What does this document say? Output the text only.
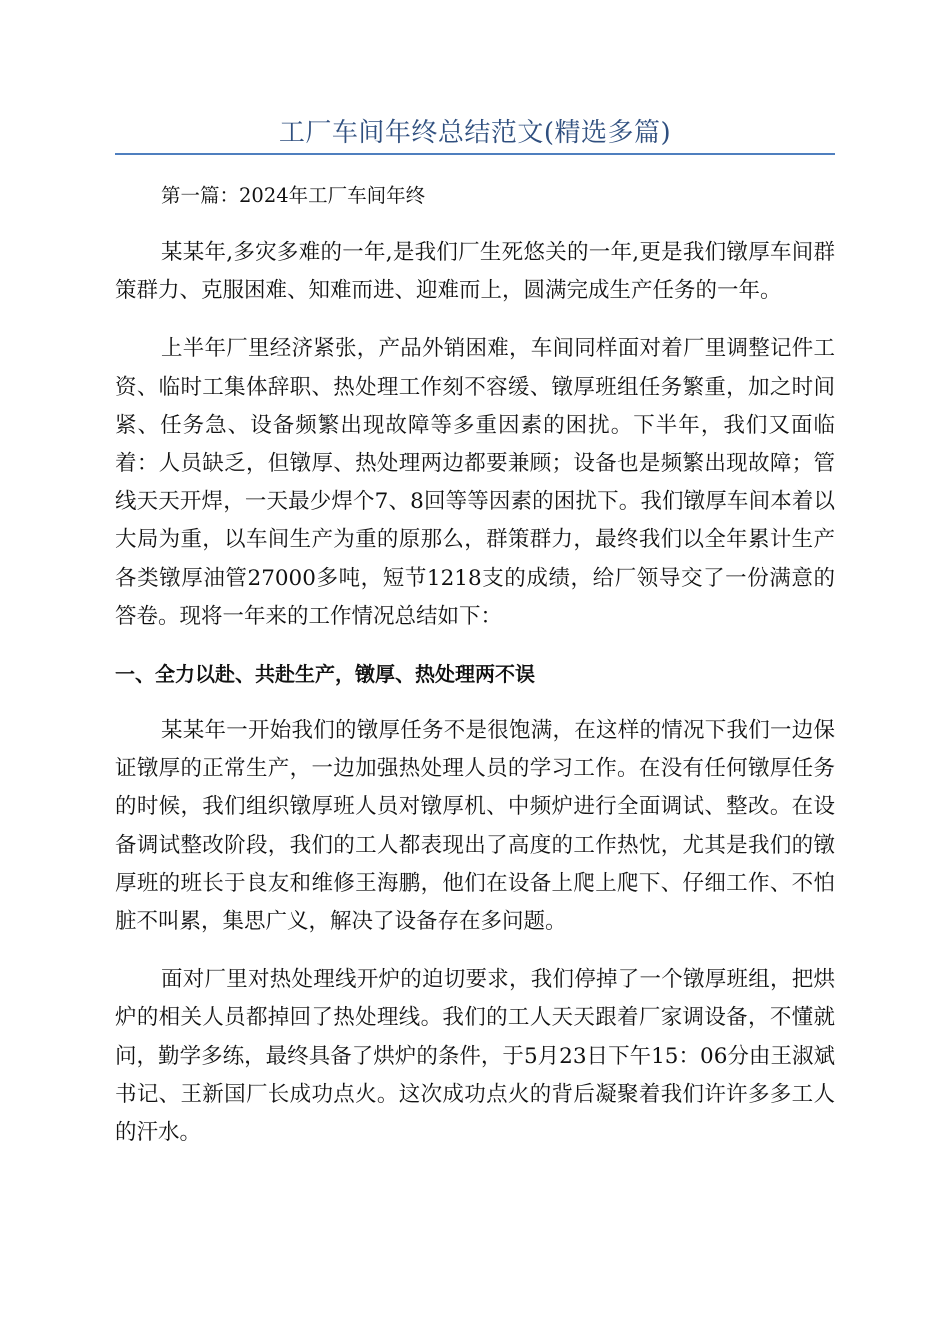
工厂车间年终总结范文(精选多篇)

第一篇：2024年工厂车间年终

某某年,多灾多难的一年,是我们厂生死悠关的一年,更是我们镦厚车间群策群力、克服困难、知难而进、迎难而上，圆满完成生产任务的一年。

上半年厂里经济紧张，产品外销困难，车间同样面对着厂里调整记件工资、临时工集体辞职、热处理工作刻不容缓、镦厚班组任务繁重，加之时间紧、任务急、设备频繁出现故障等多重因素的困扰。下半年，我们又面临着：人员缺乏，但镦厚、热处理两边都要兼顾；设备也是频繁出现故障；管线天天开焊，一天最少焊个7、8回等等因素的困扰下。我们镦厚车间本着以大局为重，以车间生产为重的原那么，群策群力，最终我们以全年累计生产各类镦厚油管27000多吨，短节1218支的成绩，给厂领导交了一份满意的答卷。现将一年来的工作情况总结如下：

一、全力以赴、共赴生产，镦厚、热处理两不误

某某年一开始我们的镦厚任务不是很饱满，在这样的情况下我们一边保证镦厚的正常生产，一边加强热处理人员的学习工作。在没有任何镦厚任务的时候，我们组织镦厚班人员对镦厚机、中频炉进行全面调试、整改。在设备调试整改阶段，我们的工人都表现出了高度的工作热忱，尤其是我们的镦厚班的班长于良友和维修王海鹏，他们在设备上爬上爬下、仔细工作、不怕脏不叫累，集思广义，解决了设备存在多问题。

面对厂里对热处理线开炉的迫切要求，我们停掉了一个镦厚班组，把烘炉的相关人员都掉回了热处理线。我们的工人天天跟着厂家调设备，不懂就问，勤学多练，最终具备了烘炉的条件，于5月23日下午15：06分由王淑斌书记、王新国厂长成功点火。这次成功点火的背后凝聚着我们许许多多工人的汗水。
